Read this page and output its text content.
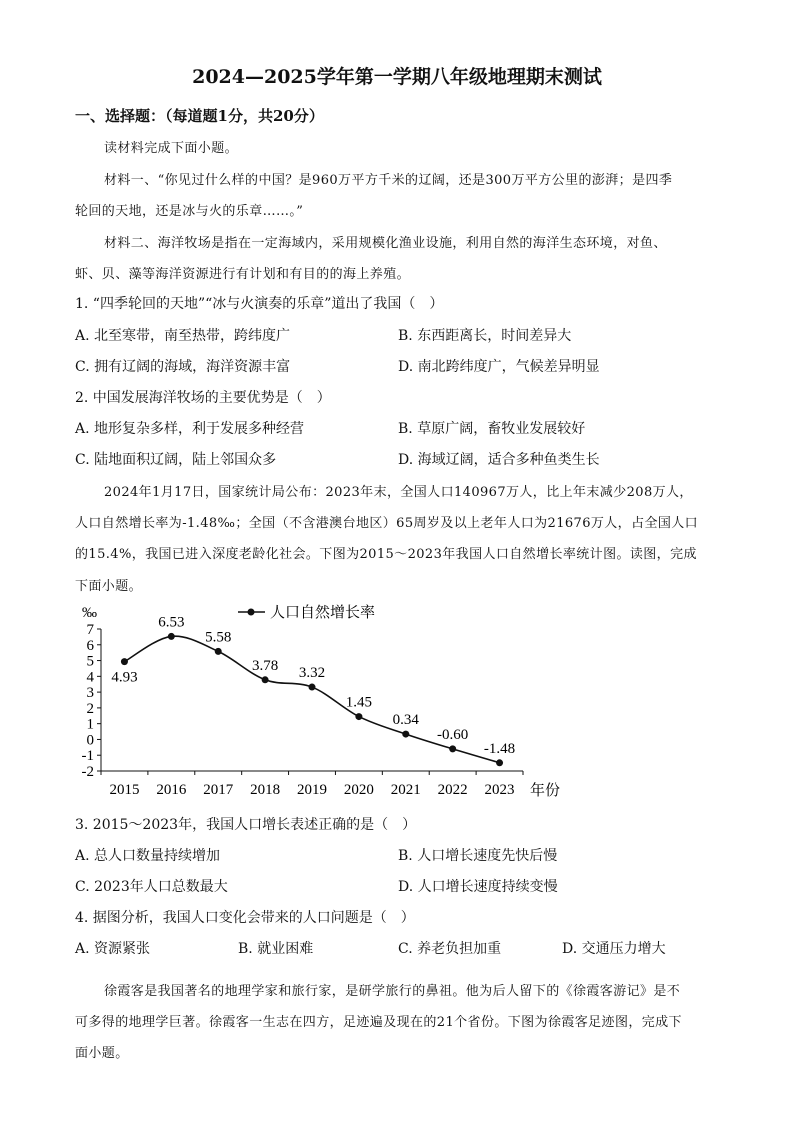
2024—2025学年第一学期八年级地理期末测试
一、选择题：（每道题1分，共20分）
读材料完成下面小题。
材料一、“你见过什么样的中国？是960万平方千米的辽阔，还是300万平方公里的澎湃；是四季
轮回的天地，还是冰与火的乐章……。”
材料二、海洋牧场是指在一定海域内，采用规模化渔业设施，利用自然的海洋生态环境，对鱼、
虾、贝、藻等海洋资源进行有计划和有目的的海上养殖。
1. “四季轮回的天地”“冰与火演奏的乐章”道出了我国（　）
A. 北至寒带，南至热带，跨纬度广	B. 东西距离长，时间差异大
C. 拥有辽阔的海域，海洋资源丰富	D. 南北跨纬度广，气候差异明显
2. 中国发展海洋牧场的主要优势是（　）
A. 地形复杂多样，利于发展多种经营	B. 草原广阔，畜牧业发展较好
C. 陆地面积辽阔，陆上邻国众多	D. 海域辽阔，适合多种鱼类生长
2024年1月17日，国家统计局公布：2023年末，全国人口140967万人，比上年末减少208万人，
人口自然增长率为-1.48‰；全国（不含港澳台地区）65周岁及以上老年人口为21676万人，占全国人口
的15.4%，我国已进入深度老龄化社会。下图为2015～2023年我国人口自然增长率统计图。读图，完成
下面小题。
‰	人口自然增长率
7
6
5
4
3
2
1
0
-1
-2
2015 2016 2017 2018 2019 2020 2021 2022 2023
4.93
6.53
5.58
3.78 3.32
1.45
0.34
-0.60
-1.48
年份
3. 2015～2023年，我国人口增长表述正确的是（　）
A. 总人口数量持续增加	B. 人口增长速度先快后慢
C. 2023年人口总数最大	D. 人口增长速度持续变慢
4. 据图分析，我国人口变化会带来的人口问题是（　）
A. 资源紧张	B. 就业困难	C. 养老负担加重	D. 交通压力增大
徐霞客是我国著名的地理学家和旅行家，是研学旅行的鼻祖。他为后人留下的《徐霞客游记》是不
可多得的地理学巨著。徐霞客一生志在四方，足迹遍及现在的21个省份。下图为徐霞客足迹图，完成下
面小题。
